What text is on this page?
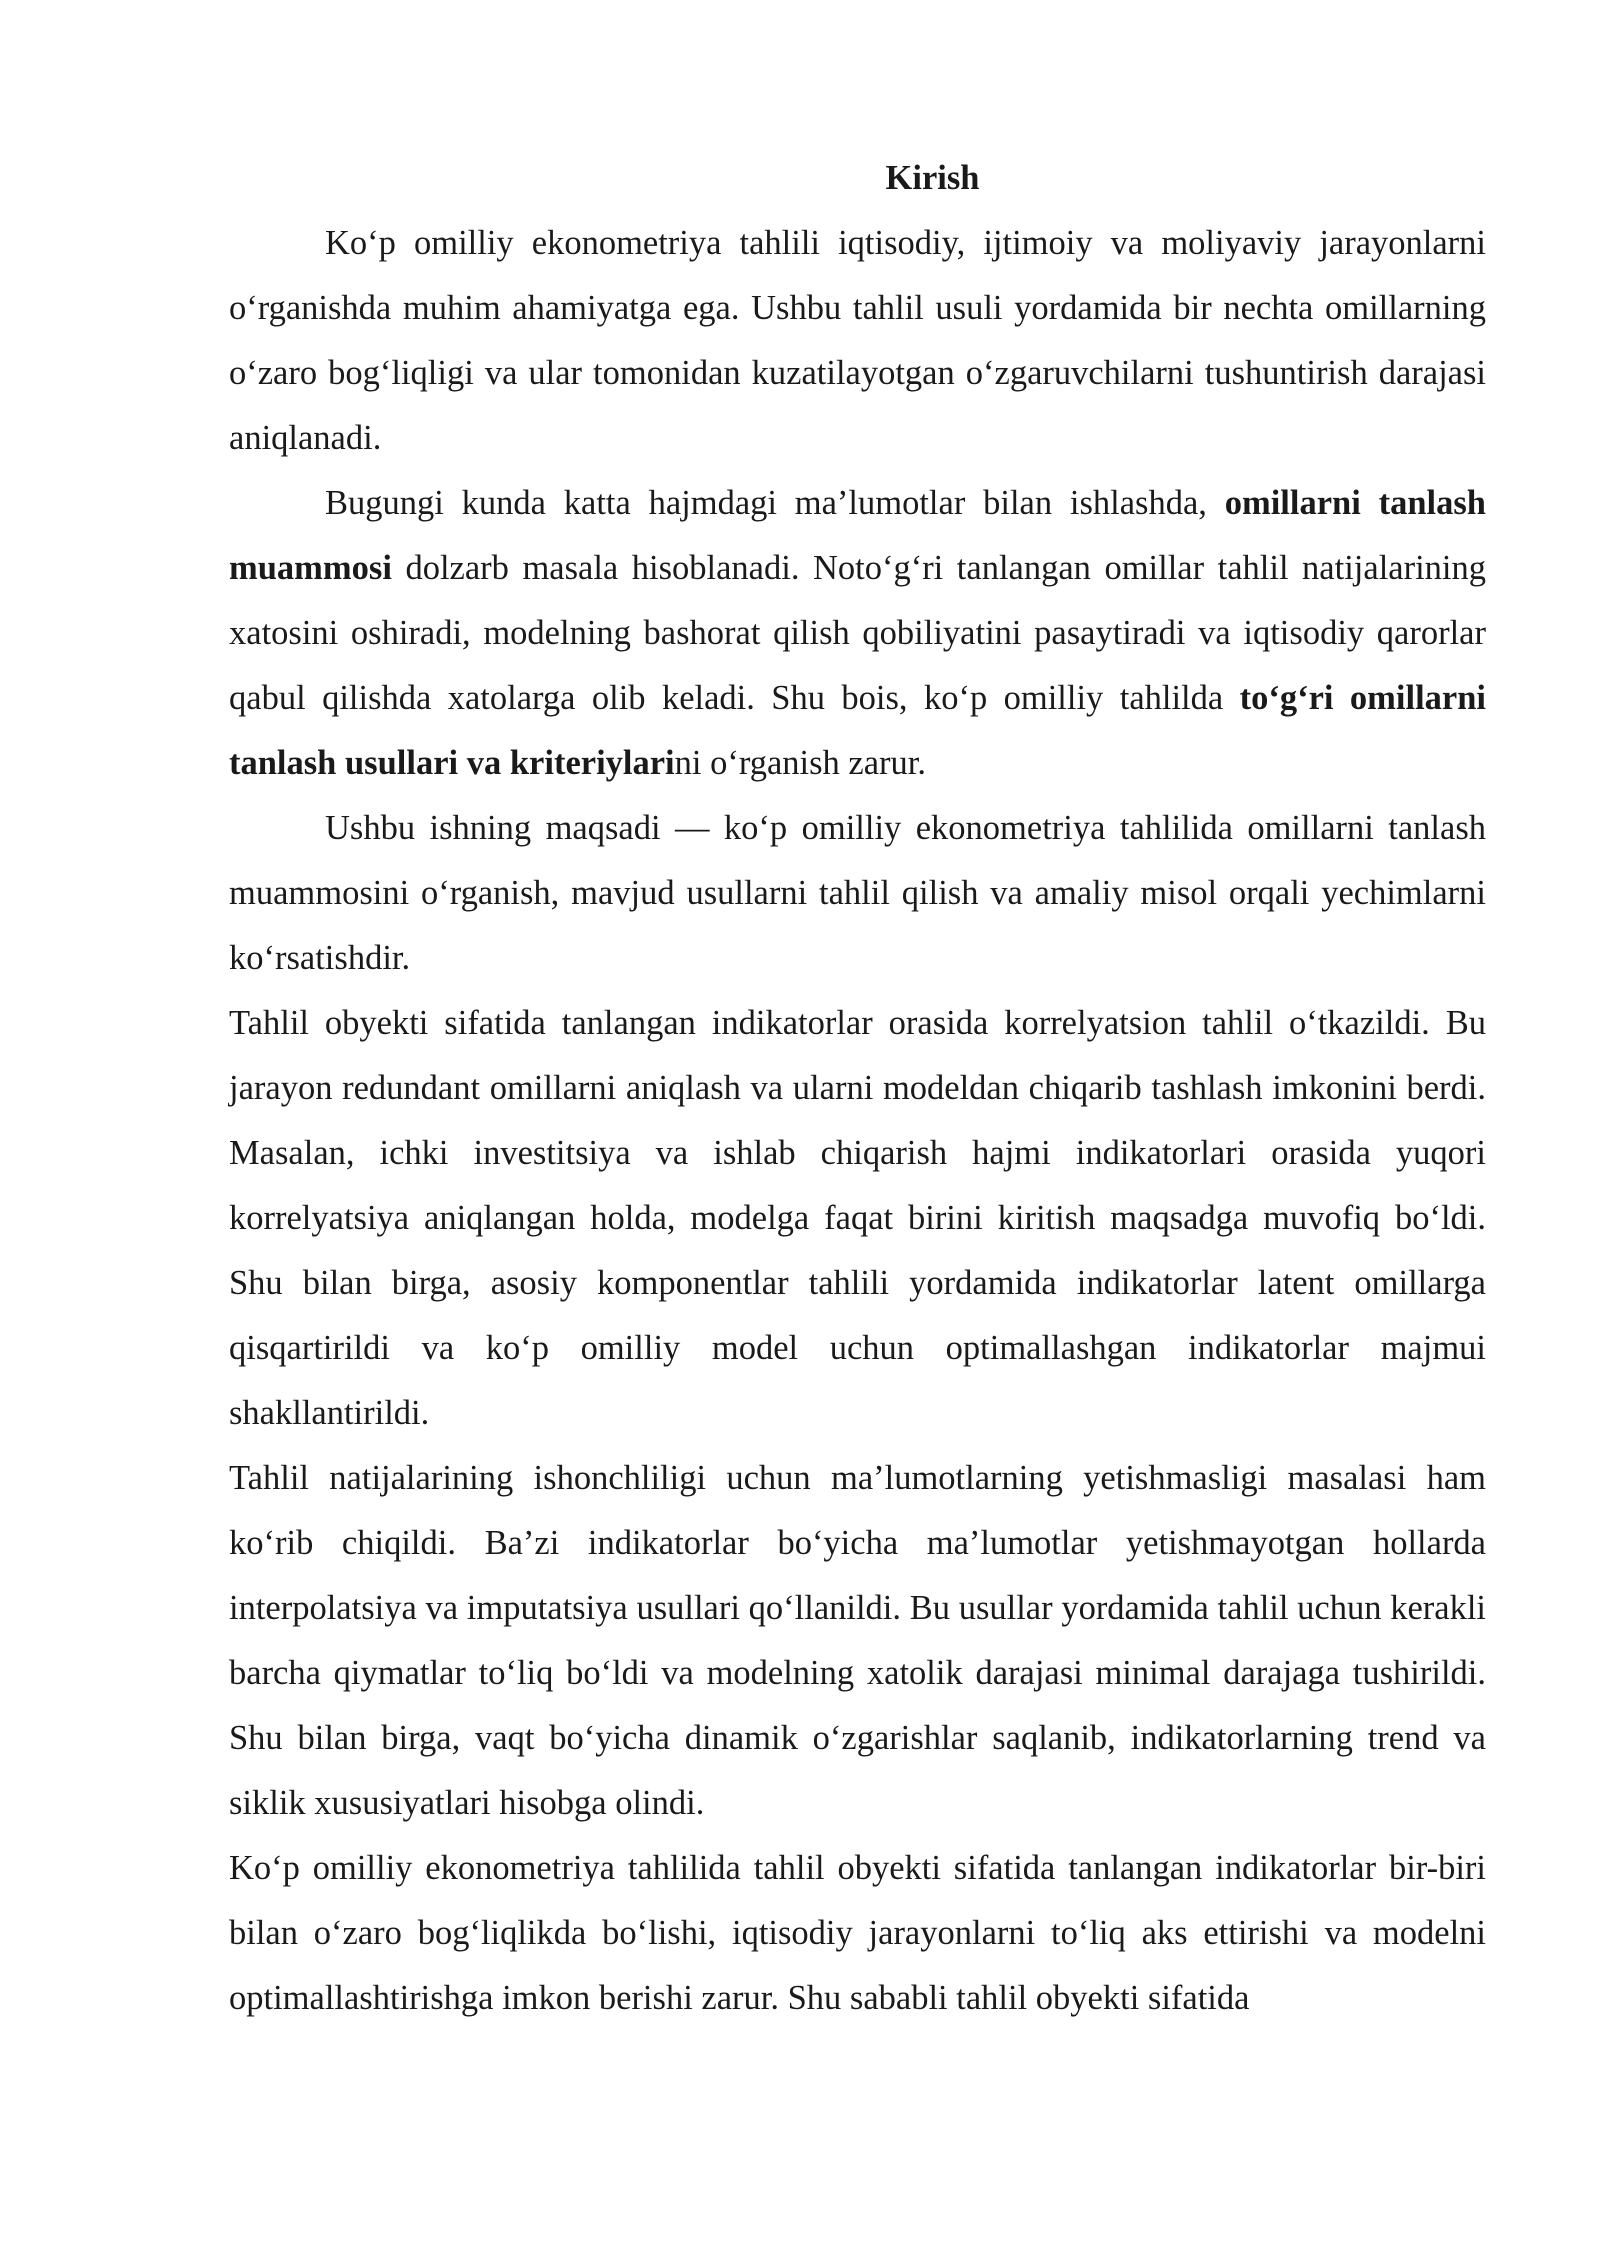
Kirish

Ko‘p omilliy ekonometriya tahlili iqtisodiy, ijtimoiy va moliyaviy jarayonlarni o‘rganishda muhim ahamiyatga ega. Ushbu tahlil usuli yordamida bir nechta omillarning o‘zaro bog‘liqligi va ular tomonidan kuzatilayotgan o‘zgaruvchilarni tushuntirish darajasi aniqlanadi.

Bugungi kunda katta hajmdagi ma’lumotlar bilan ishlashda, omillarni tanlash muammosi dolzarb masala hisoblanadi. Noto‘g‘ri tanlangan omillar tahlil natijalarining xatosini oshiradi, modelning bashorat qilish qobiliyatini pasaytiradi va iqtisodiy qarorlar qabul qilishda xatolarga olib keladi. Shu bois, ko‘p omilliy tahlilda to‘g‘ri omillarni tanlash usullari va kriteriylarini o‘rganish zarur.

Ushbu ishning maqsadi — ko‘p omilliy ekonometriya tahlilida omillarni tanlash muammosini o‘rganish, mavjud usullarni tahlil qilish va amaliy misol orqali yechimlarni ko‘rsatishdir.

Tahlil obyekti sifatida tanlangan indikatorlar orasida korrelyatsion tahlil o‘tkazildi. Bu jarayon redundant omillarni aniqlash va ularni modeldan chiqarib tashlash imkonini berdi. Masalan, ichki investitsiya va ishlab chiqarish hajmi indikatorlari orasida yuqori korrelyatsiya aniqlangan holda, modelga faqat birini kiritish maqsadga muvofiq bo‘ldi. Shu bilan birga, asosiy komponentlar tahlili yordamida indikatorlar latent omillarga qisqartirildi va ko‘p omilliy model uchun optimallashgan indikatorlar majmui shakllantirildi.

Tahlil natijalarining ishonchliligi uchun ma’lumotlarning yetishmasligi masalasi ham ko‘rib chiqildi. Ba’zi indikatorlar bo‘yicha ma’lumotlar yetishmayotgan hollarda interpolatsiya va imputatsiya usullari qo‘llanildi. Bu usullar yordamida tahlil uchun kerakli barcha qiymatlar to‘liq bo‘ldi va modelning xatolik darajasi minimal darajaga tushirildi. Shu bilan birga, vaqt bo‘yicha dinamik o‘zgarishlar saqlanib, indikatorlarning trend va siklik xususiyatlari hisobga olindi.

Ko‘p omilliy ekonometriya tahlilida tahlil obyekti sifatida tanlangan indikatorlar bir-biri bilan o‘zaro bog‘liqlikda bo‘lishi, iqtisodiy jarayonlarni to‘liq aks ettirishi va modelni optimallashtirishga imkon berishi zarur. Shu sababli tahlil obyekti sifatida
